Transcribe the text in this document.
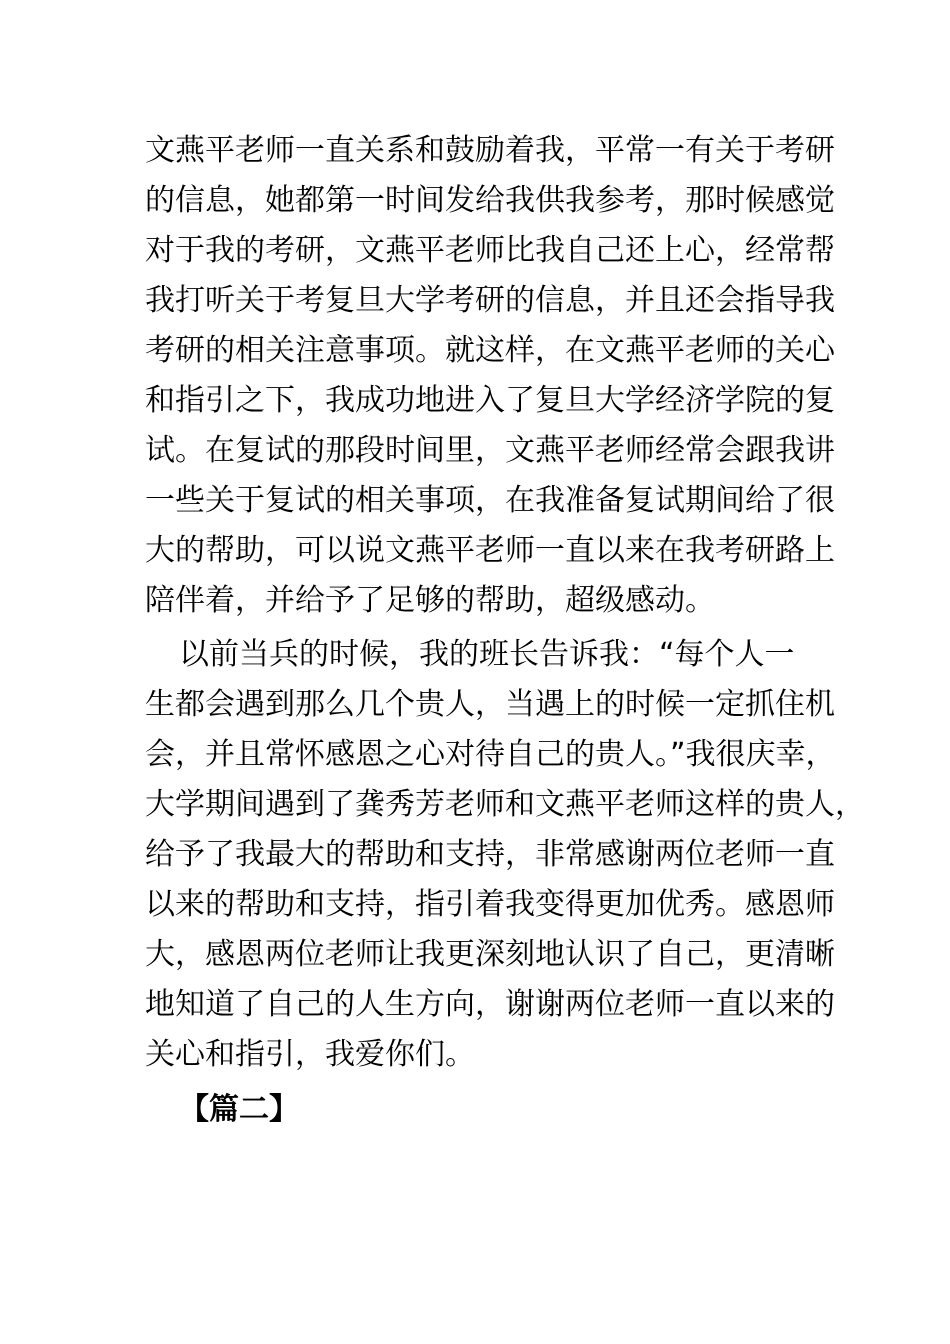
文燕平老师一直关系和鼓励着我，平常一有关于考研
的信息，她都第一时间发给我供我参考，那时候感觉
对于我的考研，文燕平老师比我自己还上心，经常帮
我打听关于考复旦大学考研的信息，并且还会指导我
考研的相关注意事项。就这样，在文燕平老师的关心
和指引之下，我成功地进入了复旦大学经济学院的复
试。在复试的那段时间里，文燕平老师经常会跟我讲
一些关于复试的相关事项，在我准备复试期间给了很
大的帮助，可以说文燕平老师一直以来在我考研路上
陪伴着，并给予了足够的帮助，超级感动。
以前当兵的时候，我的班长告诉我：“每个人一
生都会遇到那么几个贵人，当遇上的时候一定抓住机
会，并且常怀感恩之心对待自己的贵人。”我很庆幸，
大学期间遇到了龚秀芳老师和文燕平老师这样的贵人，
给予了我最大的帮助和支持，非常感谢两位老师一直
以来的帮助和支持，指引着我变得更加优秀。感恩师
大，感恩两位老师让我更深刻地认识了自己，更清晰
地知道了自己的人生方向，谢谢两位老师一直以来的
关心和指引，我爱你们。
【篇二】
